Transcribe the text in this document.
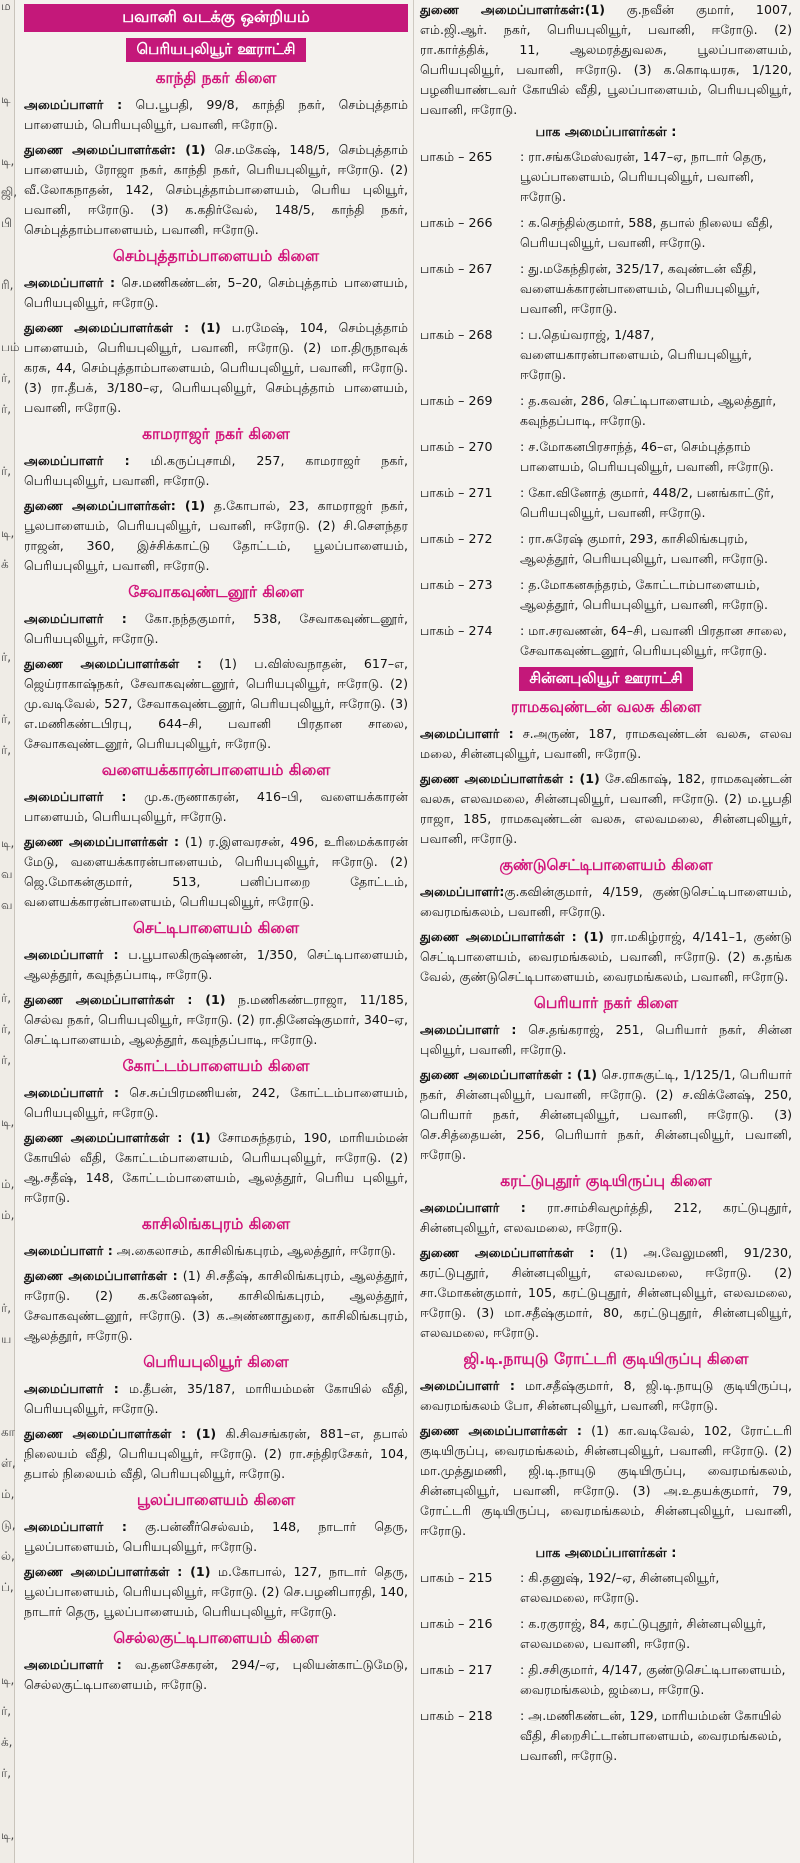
ம
டி
டி,
ஜி,
பி
ரி,
பம்
ர்,
ர்,
ர்,
டி,
க்
ர்,
ர்,
ர்,
டி,
வ
வ
ர்,
ர்,
ர்,
டி,
ம்,
ம்,
ர்,
ய
கா
ள்,
ம்,
டு,
ல்,
ப்,
டி,
ர்,
க்,
ர்,
டி,
பவானி வடக்கு ஒன்றியம்
பெரியபுலியூர் ஊராட்சி
காந்தி நகர் கிளை

அமைப்பாளர் : பெ.பூபதி, 99/8, காந்தி நகர், செம்புத்தாம் பாளையம், பெரியபுலியூர், பவானி, ஈரோடு.

துணை அமைப்பாளர்கள்: (1) செ.மகேஷ், 148/5, செம்புத்தாம் பாளையம், ரோஜா நகர், காந்தி நகர், பெரியபுலியூர், ஈரோடு. (2) வீ.லோகநாதன், 142, செம்புத்தாம்பாளையம், பெரிய புலியூர், பவானி, ஈரோடு. (3) க.கதிர்வேல், 148/5, காந்தி நகர், செம்புத்தாம்பாளையம், பவானி, ஈரோடு.

செம்புத்தாம்பாளையம் கிளை

அமைப்பாளர் : செ.மணிகண்டன், 5–20, செம்புத்தாம் பாளையம், பெரியபுலியூர், ஈரோடு.

துணை அமைப்பாளர்கள் : (1) ப.ரமேஷ், 104, செம்புத்தாம் பாளையம், பெரியபுலியூர், பவானி, ஈரோடு. (2) மா.திருநாவுக் கரசு, 44, செம்புத்தாம்பாளையம், பெரியபுலியூர், பவானி, ஈரோடு. (3) ரா.தீபக், 3/180–ஏ, பெரியபுலியூர், செம்புத்தாம் பாளையம், பவானி, ஈரோடு.

காமராஜர் நகர் கிளை

அமைப்பாளர் : மி.கருப்புசாமி, 257, காமராஜர் நகர், பெரியபுலியூர், பவானி, ஈரோடு.

துணை அமைப்பாளர்கள்: (1) த.கோபால், 23, காமராஜர் நகர், பூலபாளையம், பெரியபுலியூர், பவானி, ஈரோடு. (2) சி.செளந்தர ராஜன், 360, இச்சிக்காட்டு தோட்டம், பூலப்பாளையம், பெரியபுலியூர், பவானி, ஈரோடு.

சேவாகவுண்டனூர் கிளை

அமைப்பாளர் : கோ.நந்தகுமார், 538, சேவாகவுண்டனூர், பெரியபுலியூர், ஈரோடு.

துணை அமைப்பாளர்கள் : (1) ப.விஸ்வநாதன், 617–எ, ஜெய்ராகாஷ்நகர், சேவாகவுண்டனூர், பெரியபுலியூர், ஈரோடு. (2) மு.வடிவேல், 527, சேவாகவுண்டனூர், பெரியபுலியூர், ஈரோடு. (3) எ.மணிகண்டபிரபு, 644–சி, பவானி பிரதான சாலை, சேவாகவுண்டனூர், பெரியபுலியூர், ஈரோடு.

வளையக்காரன்பாளையம் கிளை

அமைப்பாளர் : மு.க.ருணாகரன், 416–பி, வளையக்காரன் பாளையம், பெரியபுலியூர், ஈரோடு.

துணை அமைப்பாளர்கள் : (1) ர.இளவரசன், 496, உரிமைக்காரன் மேடு, வளையக்காரன்பாளையம், பெரியபுலியூர், ஈரோடு. (2) ஜெ.மோகன்குமார், 513, பனிப்பாறை தோட்டம், வளையக்காரன்பாளையம், பெரியபுலியூர், ஈரோடு.

செட்டிபாளையம் கிளை

அமைப்பாளர் : ப.பூபாலகிருஷ்ணன், 1/350, செட்டிபாளையம், ஆலத்தூர், கவுந்தப்பாடி, ஈரோடு.

துணை அமைப்பாளர்கள் : (1) ந.மணிகண்டராஜா, 11/185, செல்வ நகர், பெரியபுலியூர், ஈரோடு. (2) ரா.தினேஷ்குமார், 340–ஏ, செட்டிபாளையம், ஆலத்தூர், கவுந்தப்பாடி, ஈரோடு.

கோட்டம்பாளையம் கிளை

அமைப்பாளர் : செ.சுப்பிரமணியன், 242, கோட்டம்பாளையம், பெரியபுலியூர், ஈரோடு.

துணை அமைப்பாளர்கள் : (1) சோமசுந்தரம், 190, மாரியம்மன் கோயில் வீதி, கோட்டம்பாளையம், பெரியபுலியூர், ஈரோடு. (2) ஆ.சதீஷ், 148, கோட்டம்பாளையம், ஆலத்தூர், பெரிய புலியூர், ஈரோடு.

காசிலிங்கபுரம் கிளை

அமைப்பாளர் : அ.கைலாசம், காசிலிங்கபுரம், ஆலத்தூர், ஈரோடு.

துணை அமைப்பாளர்கள் : (1) சி.சதீஷ், காசிலிங்கபுரம், ஆலத்தூர், ஈரோடு. (2) க.கணேஷன், காசிலிங்கபுரம், ஆலத்தூர், சேவாகவுண்டனூர், ஈரோடு. (3) க.அண்ணாதுரை, காசிலிங்கபுரம், ஆலத்தூர், ஈரோடு.

பெரியபுலியூர் கிளை

அமைப்பாளர் : ம.தீபன், 35/187, மாரியம்மன் கோயில் வீதி, பெரியபுலியூர், ஈரோடு.

துணை அமைப்பாளர்கள் : (1) கி.சிவசங்கரன், 881–எ, தபால் நிலையம் வீதி, பெரியபுலியூர், ஈரோடு. (2) ரா.சந்திரசேகர், 104, தபால் நிலையம் வீதி, பெரியபுலியூர், ஈரோடு.

பூலப்பாளையம் கிளை

அமைப்பாளர் : கு.பன்னீர்செல்வம், 148, நாடார் தெரு, பூலப்பாளையம், பெரியபுலியூர், ஈரோடு.

துணை அமைப்பாளர்கள் : (1) ம.கோபால், 127, நாடார் தெரு, பூலப்பாளையம், பெரியபுலியூர், ஈரோடு. (2) செ.பழனிபாரதி, 140, நாடார் தெரு, பூலப்பாளையம், பெரியபுலியூர், ஈரோடு.

செல்லகுட்டிபாளையம் கிளை

அமைப்பாளர் : வ.தனசேகரன், 294/–ஏ, புலியன்காட்டுமேடு, செல்லகுட்டிபாளையம், ஈரோடு.

துணை அமைப்பாளர்கள்:(1) கு.நவீன் குமார், 1007, எம்.ஜி.ஆர். நகர், பெரியபுலியூர், பவானி, ஈரோடு. (2) ரா.கார்த்திக், 11, ஆலமரத்துவலசு, பூலப்பாளையம், பெரியபுலியூர், பவானி, ஈரோடு. (3) க.கொடியரசு, 1/120, பழனியாண்டவர் கோயில் வீதி, பூலப்பாளையம், பெரியபுலியூர், பவானி, ஈரோடு.

பாக அமைப்பாளர்கள் :
பாகம் – 265	: ரா.சங்கமேஸ்வரன், 147–ஏ, நாடார் தெரு, பூலப்பாளையம், பெரியபுலியூர், பவானி, ஈரோடு.
பாகம் – 266	: க.செந்தில்குமார், 588, தபால் நிலைய வீதி, பெரியபுலியூர், பவானி, ஈரோடு.
பாகம் – 267	: து.மகேந்திரன், 325/17, கவுண்டன் வீதி, வளையக்காரன்பாளையம், பெரியபுலியூர், பவானி, ஈரோடு.
பாகம் – 268	: ப.தெய்வராஜ், 1/487, வளையகாரன்பாளையம், பெரியபுலியூர், ஈரோடு.
பாகம் – 269	: த.கவன், 286, செட்டிபாளையம், ஆலத்தூர், கவுந்தப்பாடி, ஈரோடு.
பாகம் – 270	: ச.மோகனபிரசாந்த், 46–எ, செம்புத்தாம் பாளையம், பெரியபுலியூர், பவானி, ஈரோடு.
பாகம் – 271	: கோ.வினோத் குமார், 448/2, பனங்காட்டூர், பெரியபுலியூர், பவானி, ஈரோடு.
பாகம் – 272	: ரா.சுரேஷ் குமார், 293, காசிலிங்கபுரம், ஆலத்தூர், பெரியபுலியூர், பவானி, ஈரோடு.
பாகம் – 273	: த.மோகனசுந்தரம், கோட்டாம்பாளையம், ஆலத்தூர், பெரியபுலியூர், பவானி, ஈரோடு.
பாகம் – 274	: மா.சரவணன், 64–சி, பவானி பிரதான சாலை, சேவாகவுண்டனூர், பெரியபுலியூர், ஈரோடு.
சின்னபுலியூர் ஊராட்சி
ராமகவுண்டன் வலசு கிளை

அமைப்பாளர் : ச.அருண், 187, ராமகவுண்டன் வலசு, எலவ மலை, சின்னபுலியூர், பவானி, ஈரோடு.

துணை அமைப்பாளர்கள் : (1) சே.விகாஷ், 182, ராமகவுண்டன் வலசு, எலவமலை, சின்னபுலியூர், பவானி, ஈரோடு. (2) ம.பூபதி ராஜா, 185, ராமகவுண்டன் வலசு, எலவமலை, சின்னபுலியூர், பவானி, ஈரோடு.

குண்டுசெட்டிபாளையம் கிளை

அமைப்பாளர்:கு.கவின்குமார், 4/159, குண்டுசெட்டிபாளையம், வைரமங்கலம், பவானி, ஈரோடு.

துணை அமைப்பாளர்கள் : (1) ரா.மகிழ்ராஜ், 4/141–1, குண்டு செட்டிபாளையம், வைரமங்கலம், பவானி, ஈரோடு. (2) க.தங்க வேல், குண்டுசெட்டிபாளையம், வைரமங்கலம், பவானி, ஈரோடு.

பெரியார் நகர் கிளை

அமைப்பாளர் : செ.தங்கராஜ், 251, பெரியார் நகர், சின்ன புலியூர், பவானி, ஈரோடு.

துணை அமைப்பாளர்கள் : (1) செ.ராசுகுட்டி, 1/125/1, பெரியார் நகர், சின்னபுலியூர், பவானி, ஈரோடு. (2) ச.விக்னேஷ், 250, பெரியார் நகர், சின்னபுலியூர், பவானி, ஈரோடு. (3) செ.சித்தையன், 256, பெரியார் நகர், சின்னபுலியூர், பவானி, ஈரோடு.

கரட்டுபுதூர் குடியிருப்பு கிளை

அமைப்பாளர் : ரா.சாம்சிவமூர்த்தி, 212, கரட்டுபுதூர், சின்னபுலியூர், எலவமலை, ஈரோடு.

துணை அமைப்பாளர்கள் : (1) அ.வேலுமணி, 91/230, கரட்டுபுதூர், சின்னபுலியூர், எலவமலை, ஈரோடு. (2) சா.மோகன்குமார், 105, கரட்டுபுதூர், சின்னபுலியூர், எலவமலை, ஈரோடு. (3) மா.சதீஷ்குமார், 80, கரட்டுபுதூர், சின்னபுலியூர், எலவமலை, ஈரோடு.

ஜி.டி.நாயுடு ரோட்டரி குடியிருப்பு கிளை

அமைப்பாளர் : மா.சதீஷ்குமார், 8, ஜி.டி.நாயுடு குடியிருப்பு, வைரமங்கலம் போ, சின்னபுலியூர், பவானி, ஈரோடு.

துணை அமைப்பாளர்கள் : (1) கா.வடிவேல், 102, ரோட்டரி குடியிருப்பு, வைரமங்கலம், சின்னபுலியூர், பவானி, ஈரோடு. (2) மா.முத்துமணி, ஜி.டி.நாயுடு குடியிருப்பு, வைரமங்கலம், சின்னபுலியூர், பவானி, ஈரோடு. (3) அ.உதயக்குமார், 79, ரோட்டரி குடியிருப்பு, வைரமங்கலம், சின்னபுலியூர், பவானி, ஈரோடு.

பாக அமைப்பாளர்கள் :
பாகம் – 215	: கி.தனுஷ், 192/–ஏ, சின்னபுலியூர், எலவமலை, ஈரோடு.
பாகம் – 216	: க.ரகுராஜ், 84, கரட்டுபுதூர், சின்னபுலியூர், எலவமலை, பவானி, ஈரோடு.
பாகம் – 217	: தி.சசிகுமார், 4/147, குண்டுசெட்டிபாளையம், வைரமங்கலம், ஜம்பை, ஈரோடு.
பாகம் – 218	: அ.மணிகண்டன், 129, மாரியம்மன் கோயில் வீதி, சிறைசிட்டான்பாளையம், வைரமங்கலம், பவானி, ஈரோடு.
